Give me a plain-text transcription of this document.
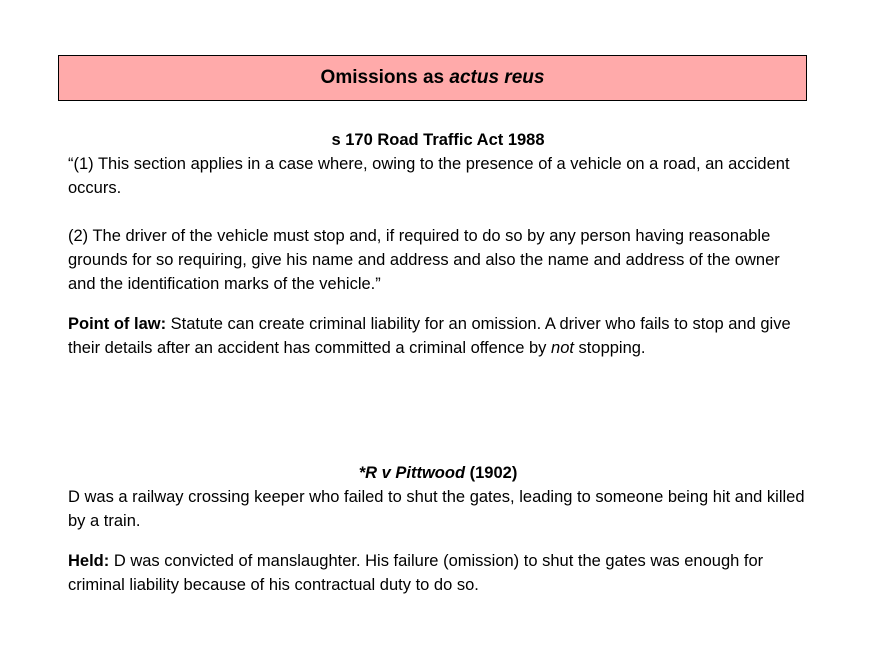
Omissions as
actus reus

s 170 Road Traffic Act 1988

“(1) This section applies in a case where, owing to the presence of a vehicle on a road, an accident occurs.

(2) The driver of the vehicle must stop and, if required to do so by any person having reasonable grounds for so requiring, give his name and address and also the name and address of the owner and the identification marks of the vehicle.”

Point of law: Statute can create criminal liability for an omission. A driver who fails to stop and give their details after an accident has committed a criminal offence by not stopping.

*R v Pittwood (1902)

D was a railway crossing keeper who failed to shut the gates, leading to someone being hit and killed by a train.

Held: D was convicted of manslaughter. His failure (omission) to shut the gates was enough for criminal liability because of his contractual duty to do so.
